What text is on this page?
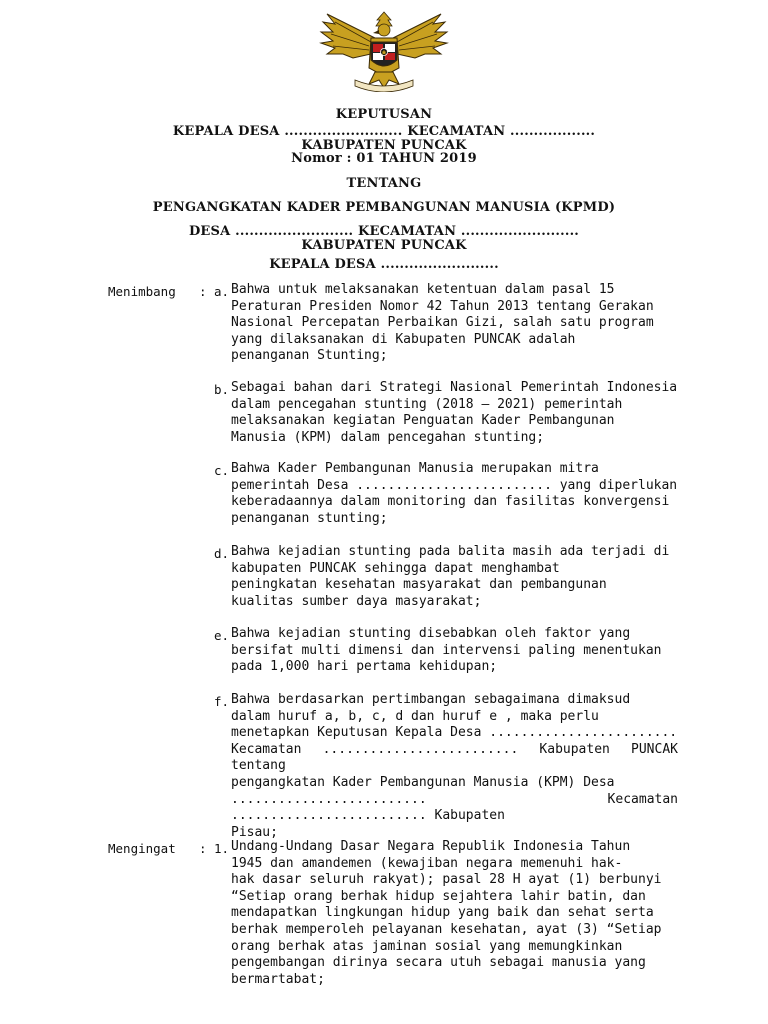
KEPUTUSAN
KEPALA DESA ......................... KECAMATAN ..................
KABUPATEN PUNCAK
Nomor : 01 TAHUN 2019
TENTANG
PENGANGKATAN KADER PEMBANGUNAN MANUSIA (KPMD)
DESA ......................... KECAMATAN .........................
KABUPATEN PUNCAK
KEPALA DESA .........................
Menimbang : a. Bahwa untuk melaksanakan ketentuan dalam pasal 15
Peraturan Presiden Nomor 42 Tahun 2013 tentang Gerakan
Nasional Percepatan Perbaikan Gizi, salah satu program
yang dilaksanakan di Kabupaten PUNCAK adalah
penanganan Stunting;
b. Sebagai bahan dari Strategi Nasional Pemerintah Indonesia
dalam pencegahan stunting (2018 – 2021) pemerintah
melaksanakan kegiatan Penguatan Kader Pembangunan
Manusia (KPM) dalam pencegahan stunting;
c. Bahwa Kader Pembangunan Manusia merupakan mitra
pemerintah Desa ......................... yang diperlukan
keberadaannya dalam monitoring dan fasilitas konvergensi
penanganan stunting;
d. Bahwa kejadian stunting pada balita masih ada terjadi di
kabupaten PUNCAK sehingga dapat menghambat
peningkatan kesehatan masyarakat dan pembangunan
kualitas sumber daya masyarakat;
e. Bahwa kejadian stunting disebabkan oleh faktor yang
bersifat multi dimensi dan intervensi paling menentukan
pada 1,000 hari pertama kehidupan;
f. Bahwa berdasarkan pertimbangan sebagaimana dimaksud
dalam huruf a, b, c, d dan huruf e , maka perlu
menetapkan Keputusan Kepala Desa ........................
Kecamatan ......................... Kabupaten PUNCAK tentang
pengangkatan Kader Pembangunan Manusia (KPM) Desa
......................... Kecamatan ......................... Kabupaten
Pisau;
Mengingat : 1. Undang-Undang Dasar Negara Republik Indonesia Tahun
1945 dan amandemen (kewajiban negara memenuhi hak-
hak dasar seluruh rakyat); pasal 28 H ayat (1) berbunyi
“Setiap orang berhak hidup sejahtera lahir batin, dan
mendapatkan lingkungan hidup yang baik dan sehat serta
berhak memperoleh pelayanan kesehatan, ayat (3) “Setiap
orang berhak atas jaminan sosial yang memungkinkan
pengembangan dirinya secara utuh sebagai manusia yang
bermartabat;
